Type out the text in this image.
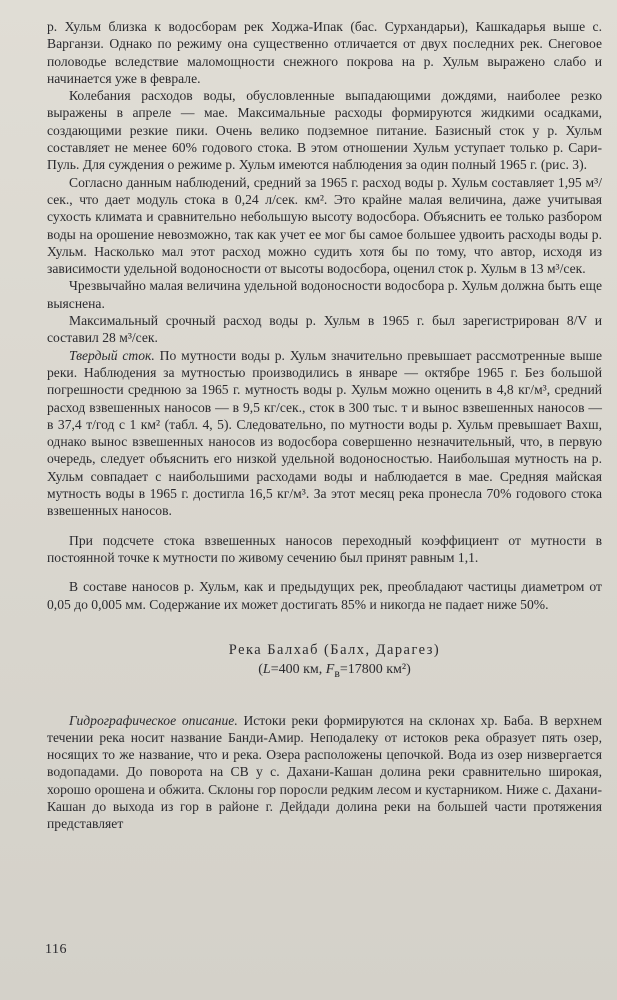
р. Хульм близка к водосборам рек Ходжа-Ипак (бас. Сурхандарьи), Кашкадарья выше с. Варганзи. Однако по режиму она существенно отличается от двух последних рек. Снеговое половодье вследствие маломощности снежного покрова на р. Хульм выражено слабо и начинается уже в феврале.

Колебания расходов воды, обусловленные выпадающими дождями, наиболее резко выражены в апреле — мае. Максимальные расходы формируются жидкими осадками, создающими резкие пики. Очень велико подземное питание. Базисный сток у р. Хульм составляет не менее 60% годового стока. В этом отношении Хульм уступает только р. Сари-Пуль. Для суждения о режиме р. Хульм имеются наблюдения за один полный 1965 г. (рис. 3).

Согласно данным наблюдений, средний за 1965 г. расход воды р. Хульм составляет 1,95 м³/сек., что дает модуль стока в 0,24 л/сек. км². Это крайне малая величина, даже учитывая сухость климата и сравнительно небольшую высоту водосбора. Объяснить ее только разбором воды на орошение невозможно, так как учет ее мог бы самое большее удвоить расходы воды р. Хульм. Насколько мал этот расход можно судить хотя бы по тому, что автор, исходя из зависимости удельной водоносности от высоты водосбора, оценил сток р. Хульм в 13 м³/сек.

Чрезвычайно малая величина удельной водоносности водосбора р. Хульм должна быть еще выяснена.

Максимальный срочный расход воды р. Хульм в 1965 г. был зарегистрирован 8/V и составил 28 м³/сек.

Твердый сток. По мутности воды р. Хульм значительно превышает рассмотренные выше реки. Наблюдения за мутностью производились в январе — октябре 1965 г. Без большой погрешности среднюю за 1965 г. мутность воды р. Хульм можно оценить в 4,8 кг/м³, средний расход взвешенных наносов — в 9,5 кг/сек., сток в 300 тыс. т и вынос взвешенных наносов — в 37,4 т/год с 1 км² (табл. 4, 5). Следовательно, по мутности воды р. Хульм превышает Вахш, однако вынос взвешенных наносов из водосбора совершенно незначительный, что, в первую очередь, следует объяснить его низкой удельной водоносностью. Наибольшая мутность на р. Хульм совпадает с наибольшими расходами воды и наблюдается в мае. Средняя майская мутность воды в 1965 г. достигла 16,5 кг/м³. За этот месяц река пронесла 70% годового стока взвешенных наносов.

При подсчете стока взвешенных наносов переходный коэффициент от мутности в постоянной точке к мутности по живому сечению был принят равным 1,1.

В составе наносов р. Хульм, как и предыдущих рек, преобладают частицы диаметром от 0,05 до 0,005 мм. Содержание их может достигать 85% и никогда не падает ниже 50%.

Река Балхаб (Балх, Дарагез)
(L=400 км, $F_в=17800$ км²)

Гидрографическое описание. Истоки реки формируются на склонах хр. Баба. В верхнем течении река носит название Банди-Амир. Неподалеку от истоков река образует пять озер, носящих то же название, что и река. Озера расположены цепочкой. Вода из озер низвергается водопадами. До поворота на СВ у с. Дахани-Кашан долина реки сравнительно широкая, хорошо орошена и обжита. Склоны гор поросли редким лесом и кустарником. Ниже с. Дахани-Кашан до выхода из гор в районе г. Дейдади долина реки на большей части протяжения представляет

116
